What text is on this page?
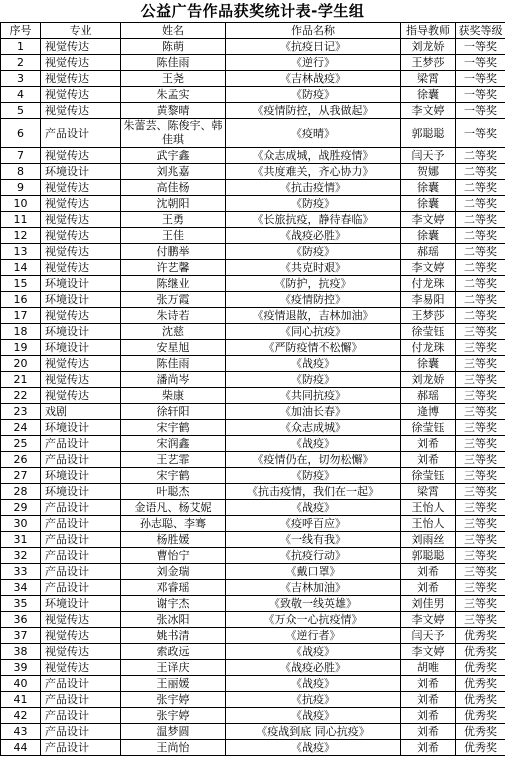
公益广告作品获奖统计表-学生组
序号	专业	姓名	作品名称	指导教师	获奖等级
1	视觉传达	陈萌	《抗疫日记》	刘龙娇	一等奖
2	视觉传达	陈佳雨	《逆行》	王梦莎	一等奖
3	视觉传达	王尧	《吉林战疫》	梁霄	一等奖
4	视觉传达	朱孟实	《防疫》	徐囊	一等奖
5	视觉传达	黄黎晴	《疫情防控，从我做起》	李文婷	一等奖
6	产品设计	朱蕾芸、陈俊宇、韩佳琪	《疫晴》	郭聪聪	一等奖
7	视觉传达	武宇鑫	《众志成城，战胜疫情》	闫天予	二等奖
8	环境设计	刘兆嘉	《共度难关，齐心协力》	贺娜	二等奖
9	视觉传达	高佳杨	《抗击疫情》	徐囊	二等奖
10	视觉传达	沈朝阳	《防疫》	徐囊	二等奖
11	视觉传达	王勇	《长旅抗疫，静待春临》	李文婷	二等奖
12	视觉传达	王佳	《战疫必胜》	徐囊	二等奖
13	视觉传达	付鹏举	《防疫》	郝瑶	二等奖
14	视觉传达	许艺馨	《共克时艰》	李文婷	二等奖
15	环境设计	陈继业	《防护，抗疫》	付龙珠	二等奖
16	环境设计	张万霞	《疫情防控》	李易阳	二等奖
17	视觉传达	朱诗若	《疫情退散，吉林加油》	王梦莎	二等奖
18	环境设计	沈慈	《同心抗疫》	徐莹钰	三等奖
19	环境设计	安星旭	《严防疫情不松懈》	付龙珠	三等奖
20	视觉传达	陈佳雨	《战疫》	徐囊	三等奖
21	视觉传达	潘尚岑	《防疫》	刘龙娇	三等奖
22	视觉传达	柴康	《共同抗疫》	郝瑶	三等奖
23	戏剧	徐轩阳	《加油长春》	逄博	三等奖
24	环境设计	宋宇鹤	《众志成城》	徐莹钰	三等奖
25	产品设计	宋润鑫	《战疫》	刘希	三等奖
26	产品设计	王艺霏	《疫情仍在，切勿松懈》	刘希	三等奖
27	环境设计	宋宇鹤	《防疫》	徐莹钰	三等奖
28	环境设计	叶聪杰	《抗击疫情，我们在一起》	梁霄	三等奖
29	产品设计	金语凡、杨艾妮	《战疫》	王怡人	三等奖
30	产品设计	孙志聪、李骞	《疫呼百应》	王怡人	三等奖
31	产品设计	杨胜媛	《一线有我》	刘雨丝	三等奖
32	产品设计	曹怡宁	《抗疫行动》	郭聪聪	三等奖
33	产品设计	刘金瑞	《戴口罩》	刘希	三等奖
34	产品设计	邓睿瑶	《吉林加油》	刘希	三等奖
35	环境设计	谢宇杰	《致敬一线英雄》	刘佳男	三等奖
36	视觉传达	张冰阳	《万众一心抗疫情》	李文婷	三等奖
37	视觉传达	姚书清	《逆行者》	闫天予	优秀奖
38	视觉传达	索政远	《战疫》	李文婷	优秀奖
39	视觉传达	王译庆	《战疫必胜》	胡唯	优秀奖
40	产品设计	王丽媛	《战疫》	刘希	优秀奖
41	产品设计	张宇婷	《抗疫》	刘希	优秀奖
42	产品设计	张宇婷	《战疫》	刘希	优秀奖
43	产品设计	温梦圆	《疫战到底 同心抗疫》	刘希	优秀奖
44	产品设计	王尚怡	《战疫》	刘希	优秀奖
